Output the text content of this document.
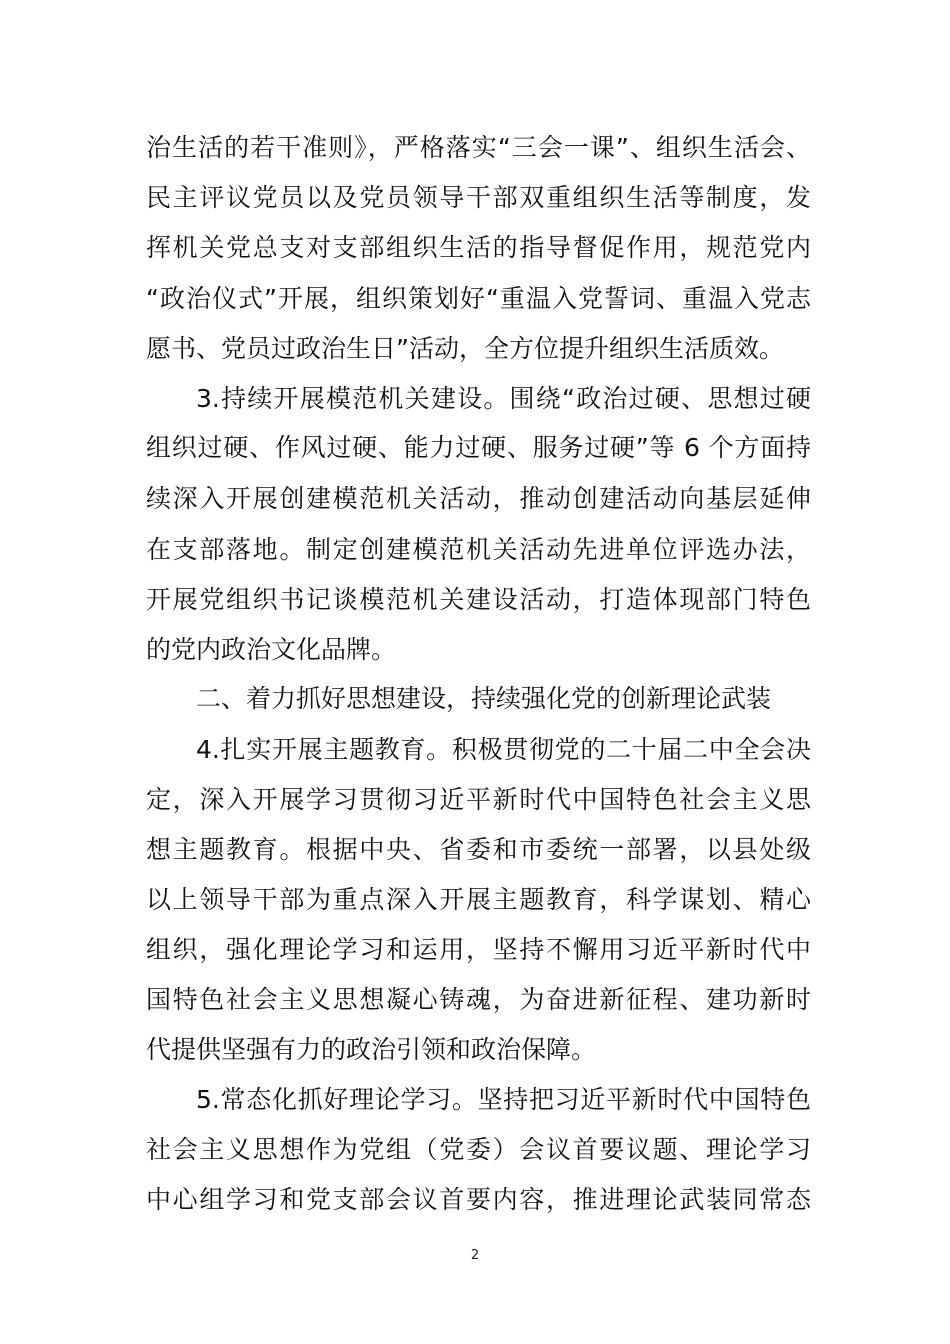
治生活的若干准则》，严格落实“三会一课”、组织生活会、
民主评议党员以及党员领导干部双重组织生活等制度，发
挥机关党总支对支部组织生活的指导督促作用，规范党内
“政治仪式”开展，组织策划好“重温入党誓词、重温入党志
愿书、党员过政治生日”活动，全方位提升组织生活质效。
3.持续开展模范机关建设。围绕“政治过硬、思想过硬
组织过硬、作风过硬、能力过硬、服务过硬”等 6 个方面持
续深入开展创建模范机关活动，推动创建活动向基层延伸
在支部落地。制定创建模范机关活动先进单位评选办法，
开展党组织书记谈模范机关建设活动，打造体现部门特色
的党内政治文化品牌。
二、着力抓好思想建设，持续强化党的创新理论武装
4.扎实开展主题教育。积极贯彻党的二十届二中全会决
定，深入开展学习贯彻习近平新时代中国特色社会主义思
想主题教育。根据中央、省委和市委统一部署，以县处级
以上领导干部为重点深入开展主题教育，科学谋划、精心
组织，强化理论学习和运用，坚持不懈用习近平新时代中
国特色社会主义思想凝心铸魂，为奋进新征程、建功新时
代提供坚强有力的政治引领和政治保障。
5.常态化抓好理论学习。坚持把习近平新时代中国特色
社会主义思想作为党组（党委）会议首要议题、理论学习
中心组学习和党支部会议首要内容，推进理论武装同常态
2
